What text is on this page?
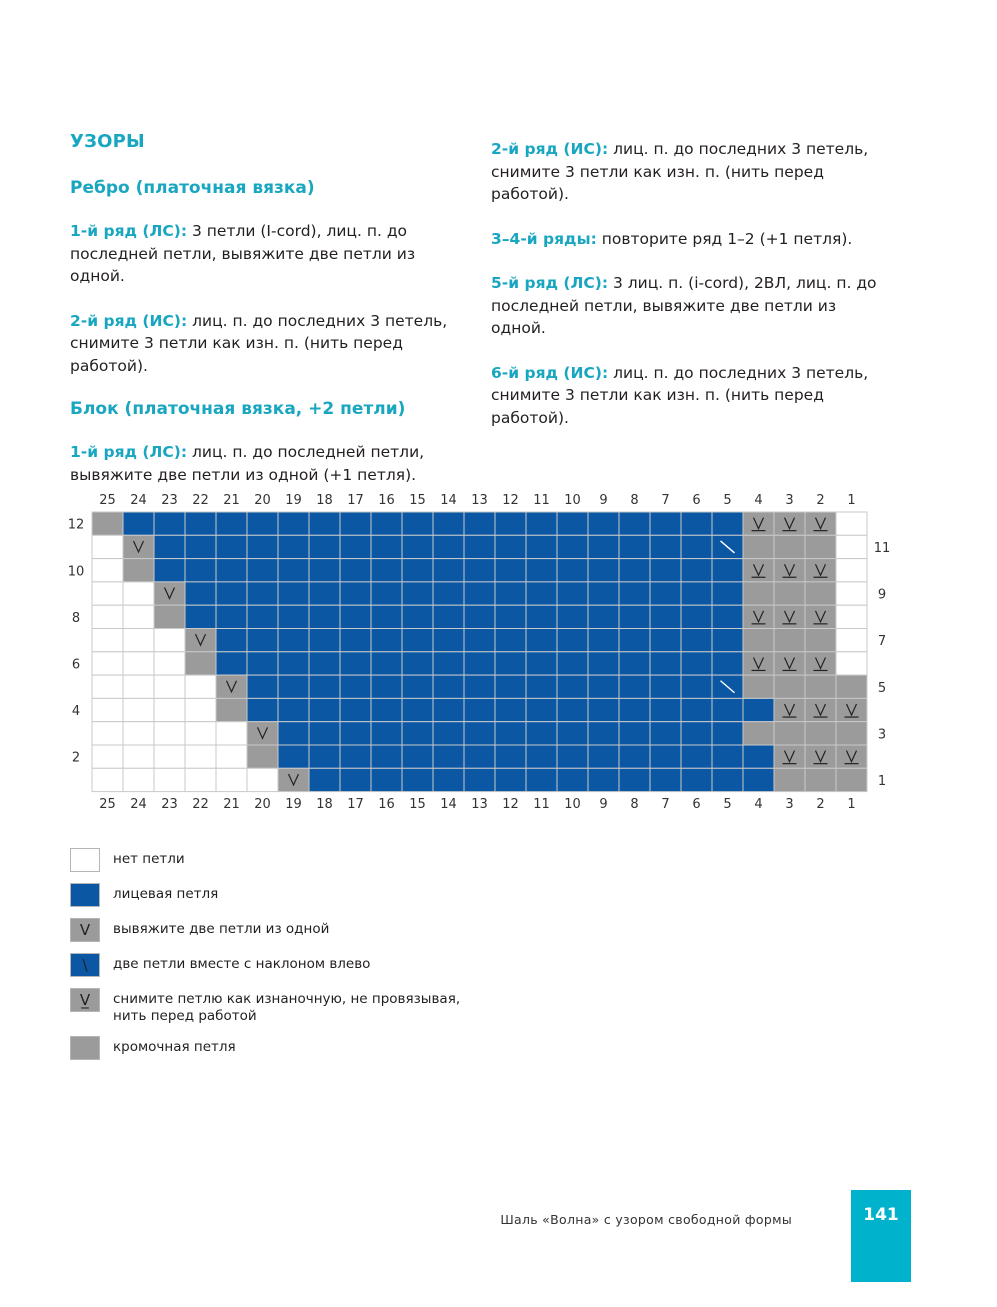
УЗОРЫ
Ребро (платочная вязка)

1-й ряд (ЛС): 3 петли (I-cord), лиц. п. до последней петли, вывяжите две петли из одной.

2-й ряд (ИС): лиц. п. до последних 3 петель, снимите 3 петли как изн. п. (нить перед работой).

Блок (платочная вязка, +2 петли)

1-й ряд (ЛС): лиц. п. до последней петли, вывяжите две петли из одной (+1 петля).

2-й ряд (ИС): лиц. п. до последних 3 петель, снимите 3 петли как изн. п. (нить перед работой).

3–4-й ряды: повторите ряд 1–2 (+1 петля).

5-й ряд (ЛС): 3 лиц. п. (i-cord), 2ВЛ, лиц. п. до последней петли, вывяжите две петли из одной.

6-й ряд (ИС): лиц. п. до последних 3 петель, снимите 3 петли как изн. п. (нить перед работой).

25
25
24
24
23
23
22
22
21
21
20
20
19
19
18
18
17
17
16
16
15
15
14
14
13
13
12
12
11
11
10
10
9
9
8
8
7
7
6
6
5
5
4
4
3
3
2
2
1
1
12
11
10
9
8
7
6
5
4
3
2
1
нет петли
лицевая петля
V	вывяжите две петли из одной
\	две петли вместе с наклоном влево
V̲	снимите петлю как изнаночную, не провязывая, нить перед работой
кромочная петля
Шаль «Волна» с узором свободной формы	141
